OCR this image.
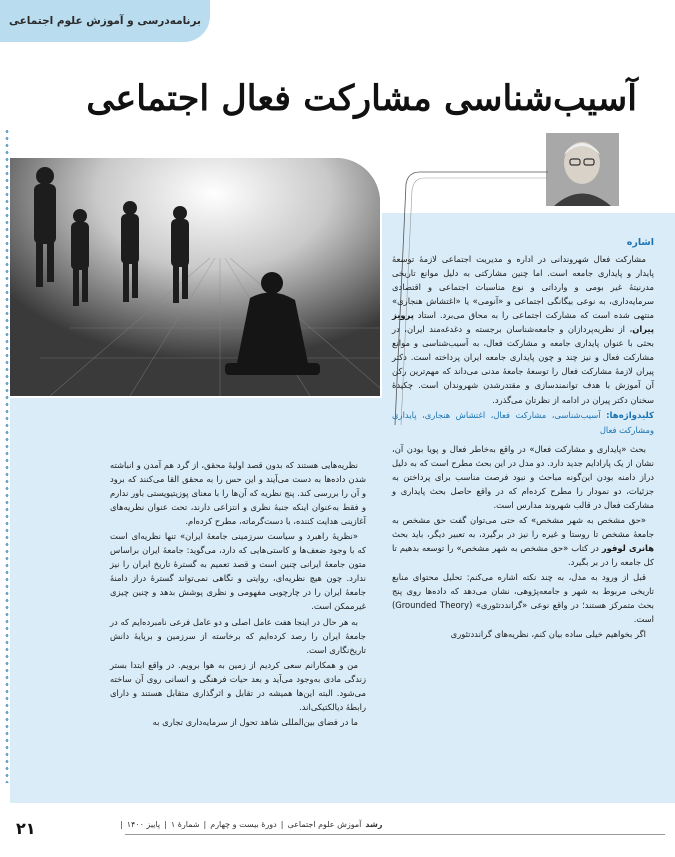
برنامه‌درسی و آموزش علوم اجتماعی
آسیب‌شناسی مشارکت فعال اجتماعی
اشاره

مشارکت فعال شهروندانی در اداره و مدیریت اجتماعی لازمهٔ توسعهٔ پایدار و پایداری جامعه است. اما چنین مشارکتی به دلیل موانع تاریخی مدرنیتهٔ غیر بومی و وارداتی و نوع مناسبات اجتماعی و اقتصادی سرمایه‌داری، به نوعی بیگانگی اجتماعی و «آنومی» یا «اغتشاش هنجاری» منتهی شده است که مشارکت اجتماعی را به محاق می‌برد. استاد پرویز پیران، از نظریه‌پردازان و جامعه‌شناسان برجسته و دغدغه‌مند ایران، در بحثی با عنوان پایداری جامعه و مشارکت فعال، به آسیب‌شناسی و موانع مشارکت فعال و نیز چند و چون پایداری جامعه ایران پرداخته است. دکتر پیران لازمهٔ مشارکت فعال را توسعهٔ جامعهٔ مدنی می‌داند که مهم‌ترین رکن آن آموزش با هدف توانمندسازی و مقتدرشدن شهروندان است. چکیدهٔ سخنان دکتر پیران در ادامه از نظرتان می‌گذرد.

کلیدواژه‌ها: آسیب‌شناسی، مشارکت فعال، اغتشاش هنجاری، پایداری ومشارکت فعال

بحث «پایداری و مشارکت فعال» در واقع به‌خاطر فعال و پویا بودن آن، نشان از یک پارادایم جدید دارد. دو مدل در این بحث مطرح است که به دلیل دراز دامنه بودن این‌گونه مباحث و نبود فرصت مناسب برای پرداختن به جزئیات، دو نمودار را مطرح کرده‌ام که در واقع حاصل بحث پایداری و مشارکت فعال در قالب شهروند مدارس است.

«حق مشخص به شهر مشخص» که حتی می‌توان گفت حق مشخص به جامعهٔ مشخص تا روستا و غیره را نیز در برگیرد، به تعبیر دیگر، باید بحث هانری لوفور در کتاب «حق مشخص به شهر مشخص» را توسعه بدهیم تا کل جامعه را در بر بگیرد.

قبل از ورود به مدل، به چند نکته اشاره می‌کنم: تحلیل محتوای منابع تاریخی مربوط به شهر و جامعه‌پژوهی، نشان می‌دهد که داده‌ها روی پنج بحث متمرکز هستند؛ در واقع نوعی «گرانددتئوری» (Grounded Theory) است.

اگر بخواهیم خیلی ساده بیان کنم، نظریه‌های گرانددتئوری

نظریه‌هایی هستند که بدون قصد اولیهٔ محقق، از گرد هم آمدن و انباشته شدن داده‌ها به دست می‌آیند و این حس را به محقق القا می‌کنند که برود و آن را بررسی کند. پنج نظریه که آن‌ها را با معنای پوزیتیویستی باور ندارم و فقط به‌عنوان اینکه جنبهٔ نظری و انتزاعی دارند، تحت عنوان نظریه‌های آغازینی هدایت کننده، با دست‌گرماته، مطرح کرده‌ام.

«نظریهٔ راهبرد و سیاست سرزمینی جامعهٔ ایران» تنها نظریه‌ای است که با وجود ضعف‌ها و کاستی‌هایی که دارد، می‌گوید: جامعهٔ ایران براساس متون جامعهٔ ایرانی چنین است و قصد تعمیم به گسترهٔ تاریخ ایران را نیز ندارد. چون هیچ نظریه‌ای، روایتی و نگاهی نمی‌تواند گسترهٔ دراز دامنهٔ جامعهٔ ایران را در چارچوبی مفهومی و نظری پوشش بدهد و چنین چیزی غیرممکن است.

به هر حال در اینجا هفت عامل اصلی و دو عامل فرعی نامبرده‌ایم که در جامعهٔ ایران را رصد کرده‌ایم که برخاسته از سرزمین و برپایهٔ دانش تاریخ‌نگاری است.

من و همکارانم سعی کردیم از زمین به هوا برویم. در واقع ابتدا بستر زندگی مادی به‌وجود می‌آید و بعد حیات فرهنگی و انسانی روی آن ساخته می‌شود. البته این‌ها همیشه در تقابل و اثرگذاری متقابل هستند و دارای رابطهٔ دیالکتیکی‌اند.

ما در فضای بین‌المللی شاهد تحول از سرمایه‌داری تجاری به

۲۱	رشد
آموزش علوم اجتماعی
|
دورهٔ بیست و چهارم
|
شمارهٔ ۱
|
پاییز ۱۴۰۰
|
